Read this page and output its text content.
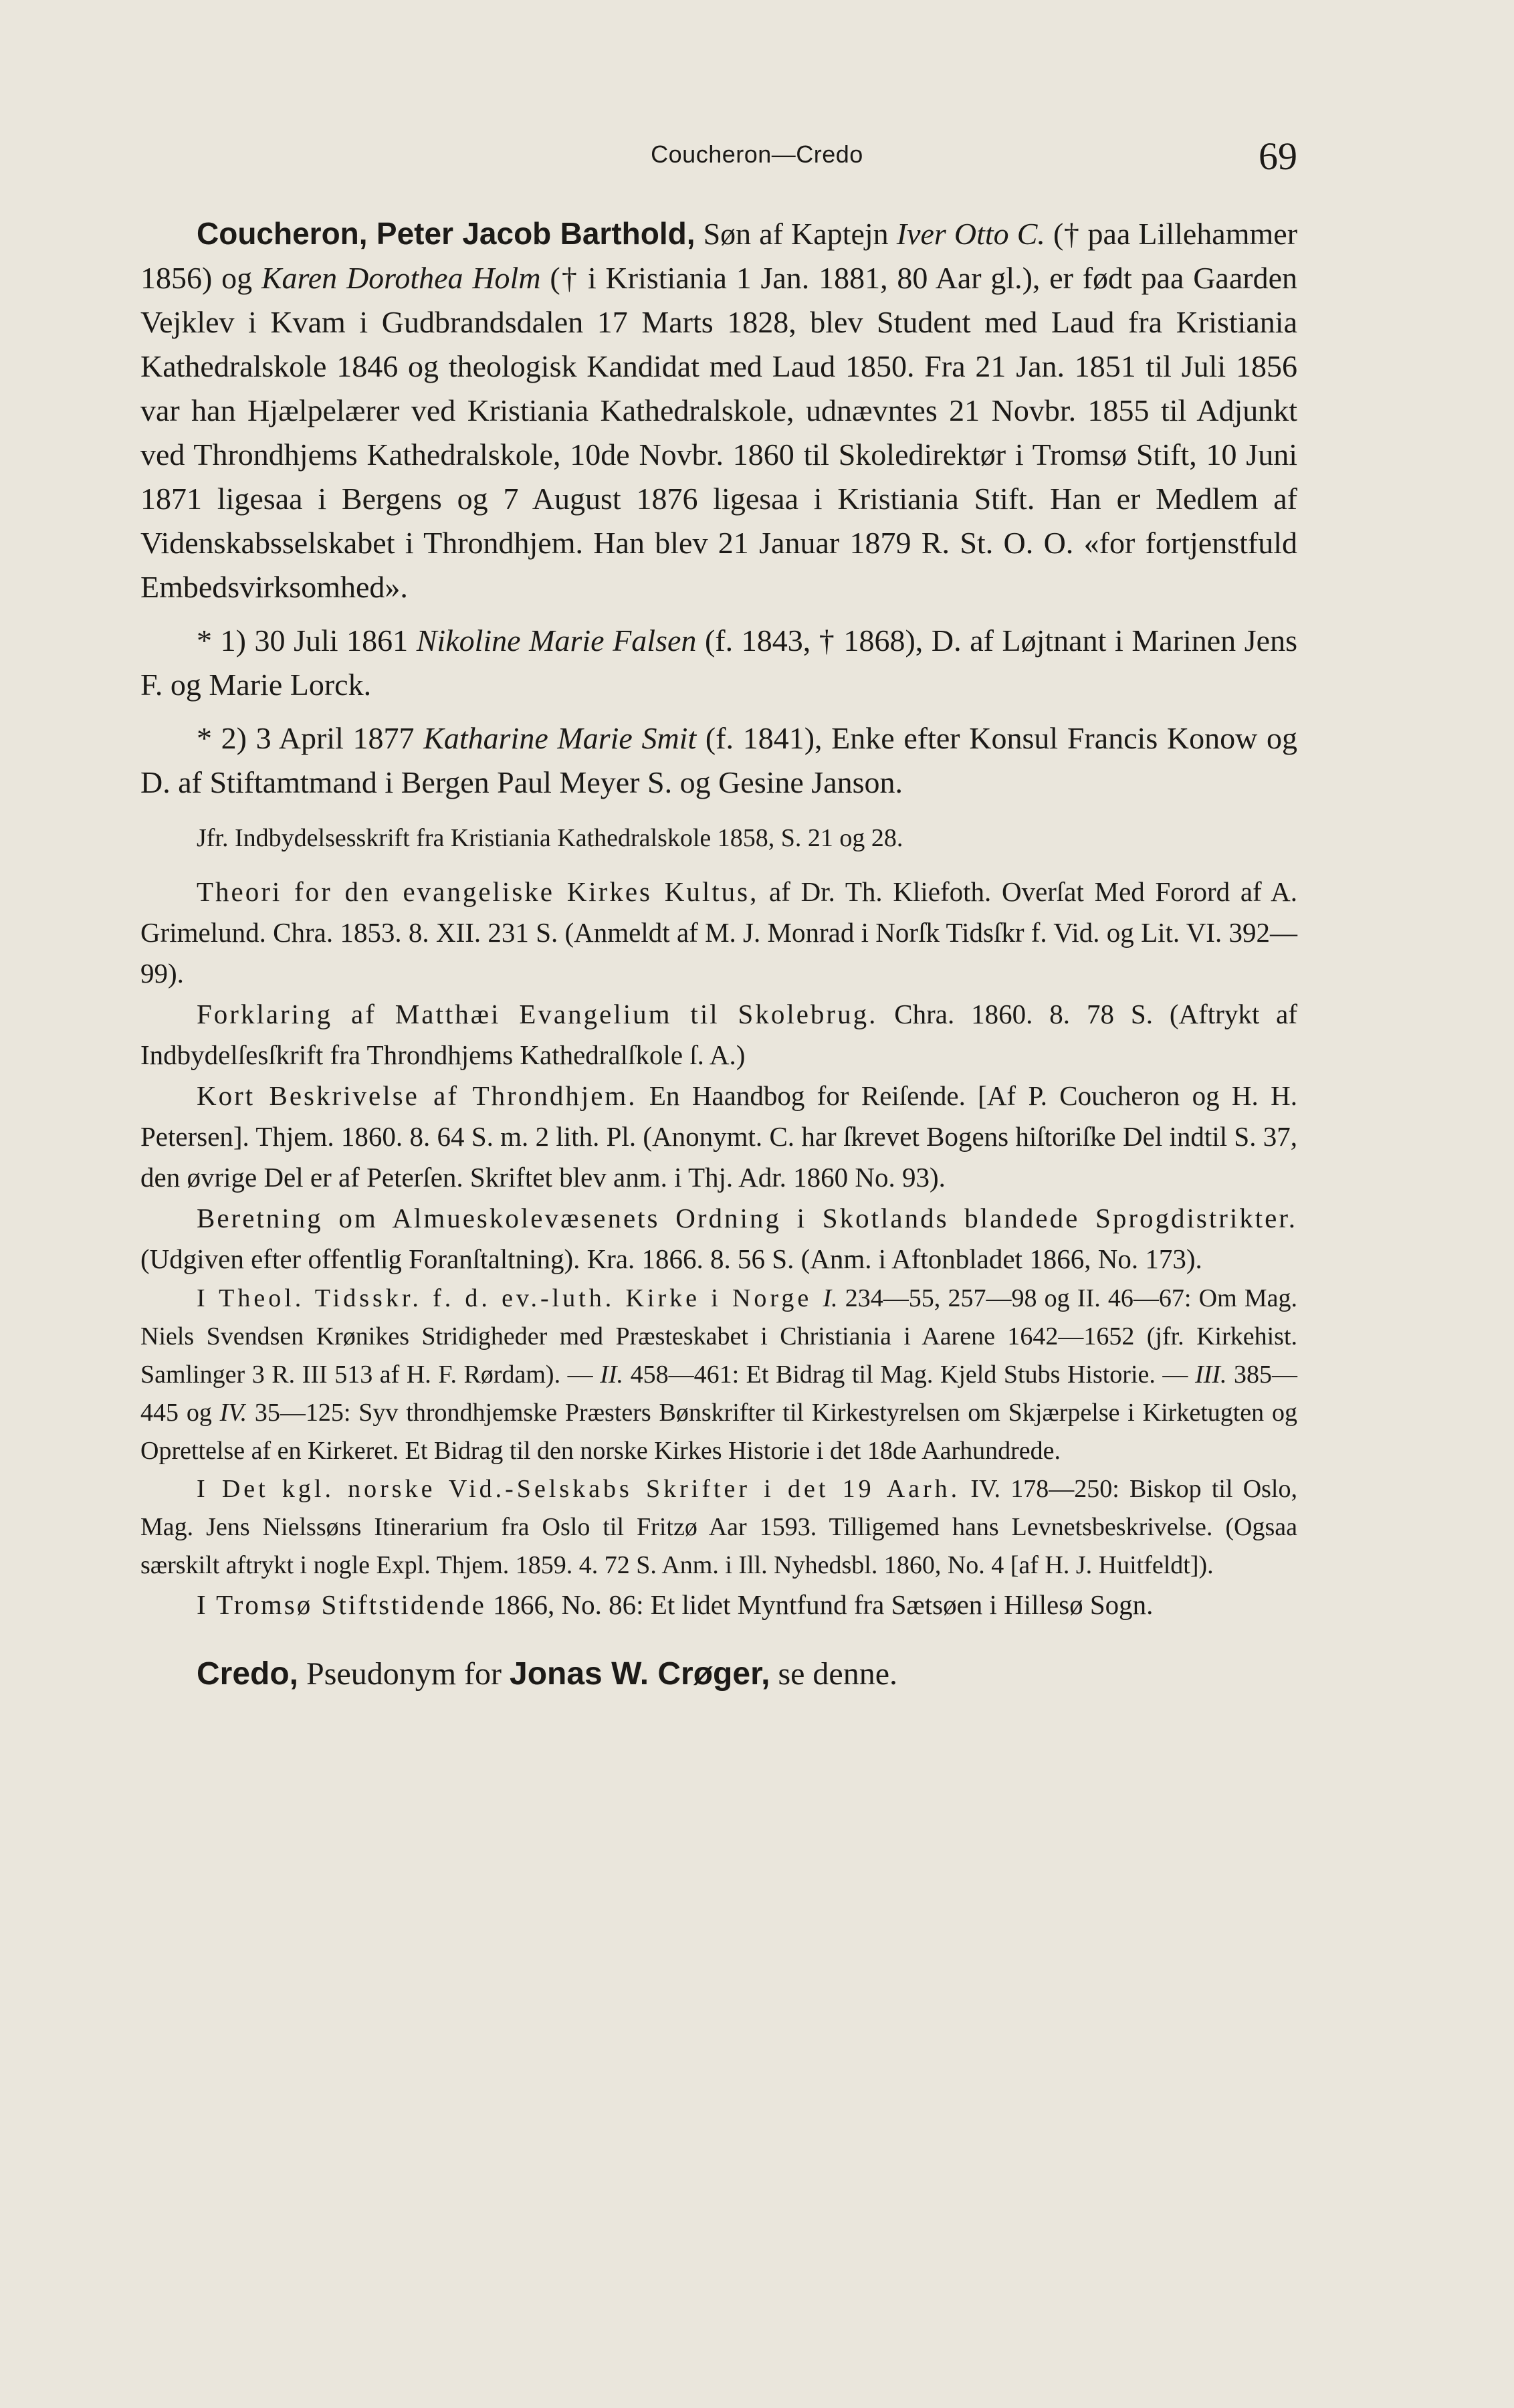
Coucheron—Credo	69

Coucheron, Peter Jacob Barthold, Søn af Kaptejn Iver Otto C. († paa Lillehammer 1856) og Karen Dorothea Holm († i Kristiania 1 Jan. 1881, 80 Aar gl.), er født paa Gaarden Vejklev i Kvam i Gudbrandsdalen 17 Marts 1828, blev Student med Laud fra Kristiania Kathedralskole 1846 og theologisk Kandidat med Laud 1850. Fra 21 Jan. 1851 til Juli 1856 var han Hjælpelærer ved Kristiania Kathedralskole, udnævntes 21 Novbr. 1855 til Adjunkt ved Throndhjems Kathedralskole, 10de Novbr. 1860 til Skoledirektør i Tromsø Stift, 10 Juni 1871 ligesaa i Bergens og 7 August 1876 ligesaa i Kristiania Stift. Han er Medlem af Videnskabsselskabet i Throndhjem. Han blev 21 Januar 1879 R. St. O. O. «for fortjenstfuld Embedsvirksomhed».

* 1) 30 Juli 1861 Nikoline Marie Falsen (f. 1843, † 1868), D. af Løjtnant i Marinen Jens F. og Marie Lorck.

* 2) 3 April 1877 Katharine Marie Smit (f. 1841), Enke efter Konsul Francis Konow og D. af Stiftamtmand i Bergen Paul Meyer S. og Gesine Janson.

Jfr. Indbydelsesskrift fra Kristiania Kathedralskole 1858, S. 21 og 28.

Theori for den evangeliske Kirkes Kultus, af Dr. Th. Kliefoth. Overſat Med Forord af A. Grimelund. Chra. 1853. 8. XII. 231 S. (Anmeldt af M. J. Monrad i Norſk Tidsſkr f. Vid. og Lit. VI. 392—99).

Forklaring af Matthæi Evangelium til Skolebrug. Chra. 1860. 8. 78 S. (Aftrykt af Indbydelſesſkrift fra Throndhjems Kathedralſkole ſ. A.)

Kort Beskrivelse af Throndhjem. En Haandbog for Reiſende. [Af P. Coucheron og H. H. Petersen]. Thjem. 1860. 8. 64 S. m. 2 lith. Pl. (Anonymt. C. har ſkrevet Bogens hiſtoriſke Del indtil S. 37, den øvrige Del er af Peterſen. Skriftet blev anm. i Thj. Adr. 1860 No. 93).

Beretning om Almueskolevæsenets Ordning i Skotlands blandede Sprogdistrikter. (Udgiven efter offentlig Foranſtaltning). Kra. 1866. 8. 56 S. (Anm. i Aftonbladet 1866, No. 173).

I Theol. Tidsskr. f. d. ev.-luth. Kirke i Norge I. 234—55, 257—98 og II. 46—67: Om Mag. Niels Svendsen Krønikes Stridigheder med Præsteskabet i Christiania i Aarene 1642—1652 (jfr. Kirkehist. Samlinger 3 R. III 513 af H. F. Rørdam). — II. 458—461: Et Bidrag til Mag. Kjeld Stubs Historie. — III. 385—445 og IV. 35—125: Syv throndhjemske Præsters Bønskrifter til Kirkestyrelsen om Skjærpelse i Kirketugten og Oprettelse af en Kirkeret. Et Bidrag til den norske Kirkes Historie i det 18de Aarhundrede.

I Det kgl. norske Vid.-Selskabs Skrifter i det 19 Aarh. IV. 178—250: Biskop til Oslo, Mag. Jens Nielssøns Itinerarium fra Oslo til Fritzø Aar 1593. Tilligemed hans Levnetsbeskrivelse. (Ogsaa særskilt aftrykt i nogle Expl. Thjem. 1859. 4. 72 S. Anm. i Ill. Nyhedsbl. 1860, No. 4 [af H. J. Huitfeldt]).

I Tromsø Stiftstidende 1866, No. 86: Et lidet Myntfund fra Sætsøen i Hillesø Sogn.

Credo, Pseudonym for Jonas W. Crøger, se denne.
